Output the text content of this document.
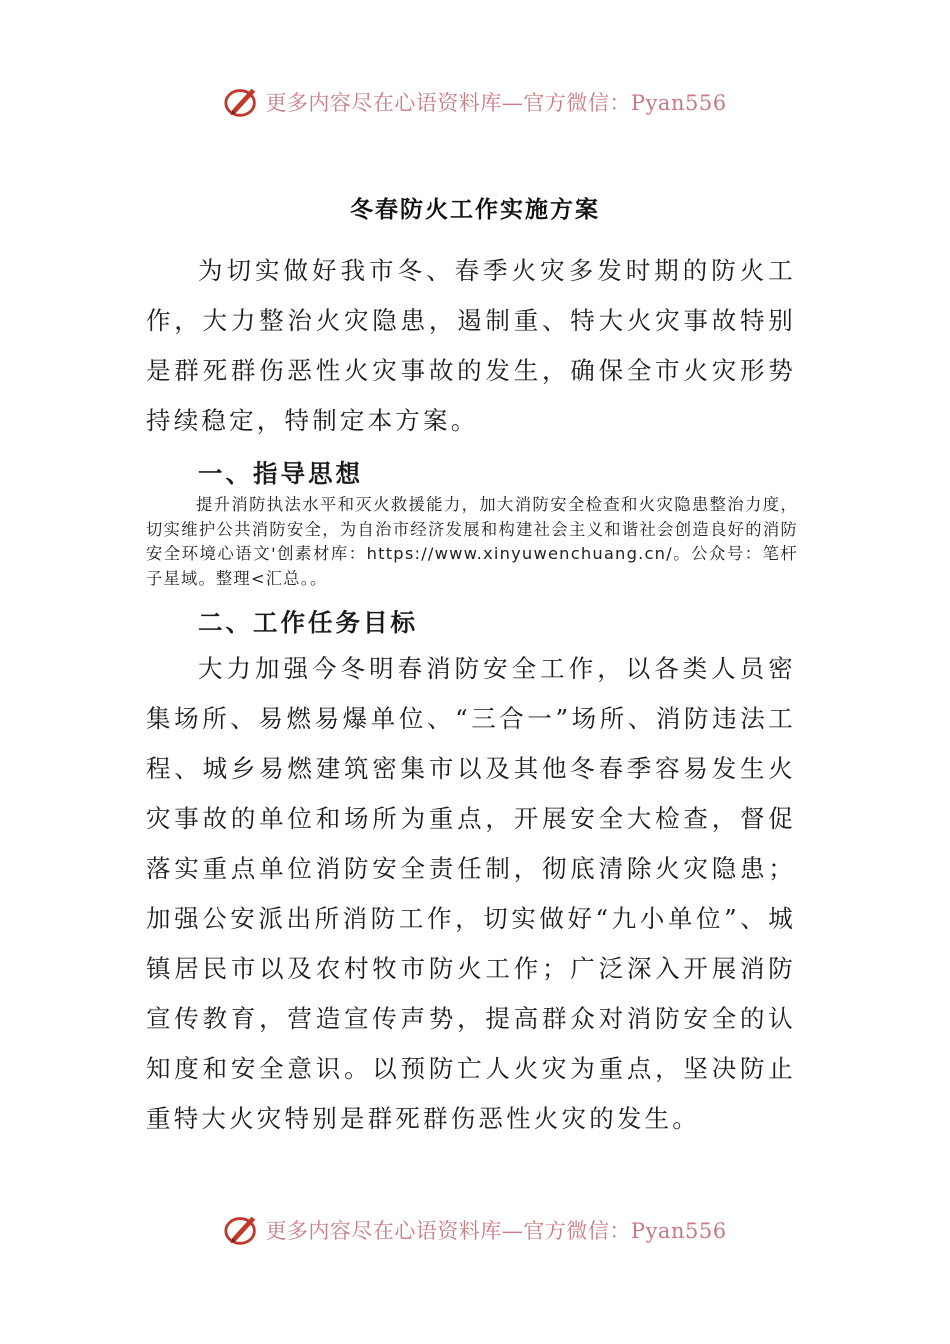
更多内容尽在心语资料库—官方微信：Pyan556
冬春防火工作实施方案

为切实做好我市冬、春季火灾多发时期的防火工作，大力整治火灾隐患，遏制重、特大火灾事故特别是群死群伤恶性火灾事故的发生，确保全市火灾形势持续稳定，特制定本方案。

一、指导思想

提升消防执法水平和灭火救援能力，加大消防安全检查和火灾隐患整治力度，切实维护公共消防安全，为自治市经济发展和构建社会主义和谐社会创造良好的消防安全环境心语文'创素材库：https://www.xinyuwenchuang.cn/。公众号：笔杆子星域。整理<汇总。。

二、工作任务目标

大力加强今冬明春消防安全工作，以各类人员密集场所、易燃易爆单位、“三合一”场所、消防违法工程、城乡易燃建筑密集市以及其他冬春季容易发生火灾事故的单位和场所为重点，开展安全大检查，督促落实重点单位消防安全责任制，彻底清除火灾隐患；加强公安派出所消防工作，切实做好“九小单位”、城镇居民市以及农村牧市防火工作；广泛深入开展消防宣传教育，营造宣传声势，提高群众对消防安全的认知度和安全意识。以预防亡人火灾为重点，坚决防止重特大火灾特别是群死群伤恶性火灾的发生。

更多内容尽在心语资料库—官方微信：Pyan556
